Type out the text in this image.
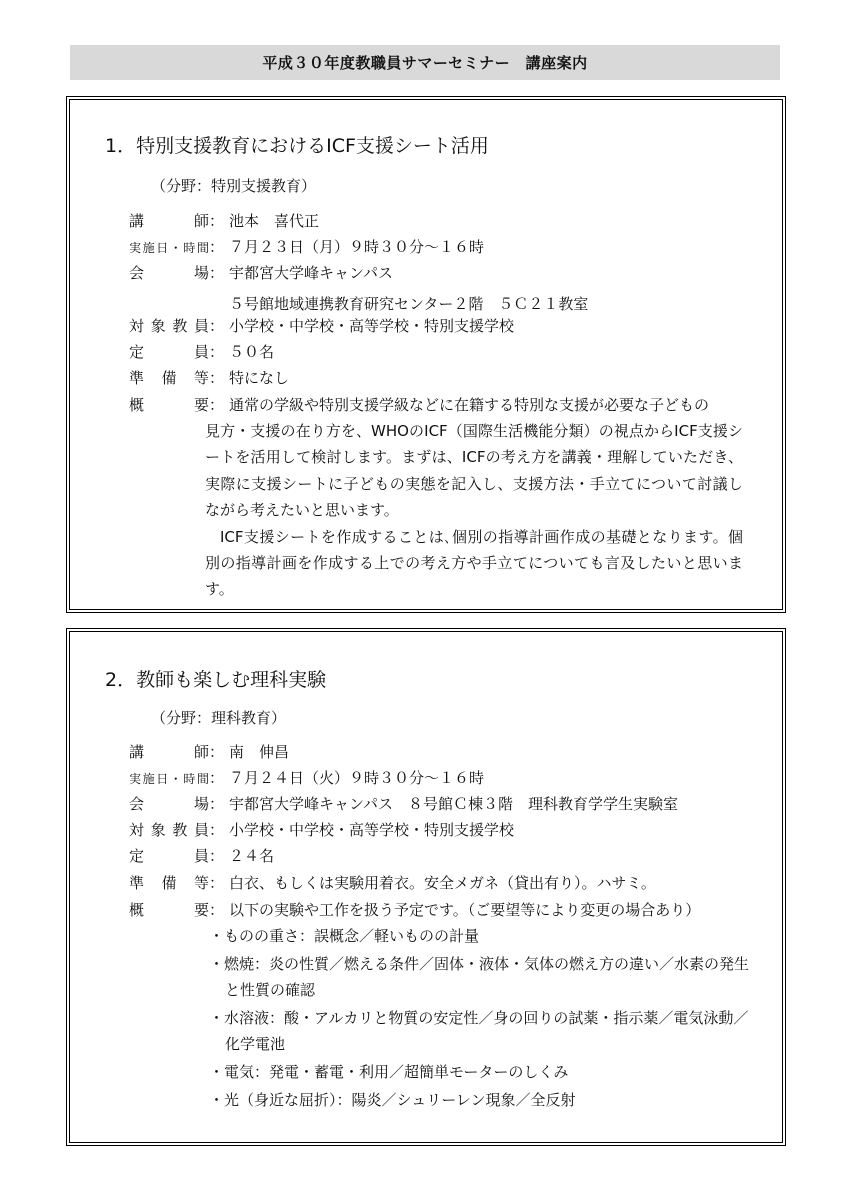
平成３０年度教職員サマーセミナー　講座案内
1．特別支援教育におけるICF支援シート活用
（分野：特別支援教育）
講　師 ： 池本　喜代正
実施日・時間 ： ７月２３日（月）９時３０分～１６時
会　場 ： 宇都宮大学峰キャンパス
５号館地域連携教育研究センター２階　５Ｃ２１教室
対象教員 ： 小学校・中学校・高等学校・特別支援学校
定　員 ： ５０名
準備等 ： 特になし
概　要 ： 通常の学級や特別支援学級などに在籍する特別な支援が必要な子どもの

見方・支援の在り方を、WHOのICF（国際生活機能分類）の視点からICF支援シートを活用して検討します。まずは、ICFの考え方を講義・理解していただき、実際に支援シートに子どもの実態を記入し、支援方法・手立てについて討議しながら考えたいと思います。

ICF支援シートを作成することは､個別の指導計画作成の基礎となります。個別の指導計画を作成する上での考え方や手立てについても言及したいと思います。

2．教師も楽しむ理科実験
（分野：理科教育）
講　師 ： 南　伸昌
実施日・時間 ： ７月２４日（火）９時３０分～１６時
会　場 ： 宇都宮大学峰キャンパス　８号館Ｃ棟３階　理科教育学学生実験室
対象教員 ： 小学校・中学校・高等学校・特別支援学校
定　員 ： ２４名
準備等 ： 白衣、もしくは実験用着衣。安全メガネ（貸出有り）。ハサミ。
概　要 ： 以下の実験や工作を扱う予定です。（ご要望等により変更の場合あり）
・ものの重さ：誤概念／軽いものの計量
・燃焼：炎の性質／燃える条件／固体・液体・気体の燃え方の違い／水素の発生と性質の確認
・水溶液：酸・アルカリと物質の安定性／身の回りの試薬・指示薬／電気泳動／化学電池
・電気：発電・蓄電・利用／超簡単モーターのしくみ
・光（身近な屈折）：陽炎／シュリーレン現象／全反射
